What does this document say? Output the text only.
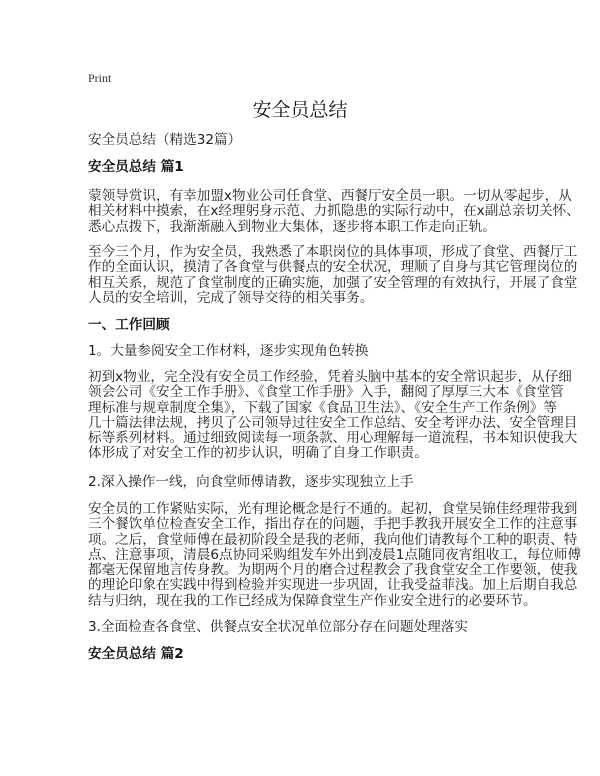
Print
安全员总结
安全员总结（精选32篇）
安全员总结 篇1
蒙领导赏识，有幸加盟x物业公司任食堂、西餐厅安全员一职。一切从零起步，从
相关材料中摸索，在x经理躬身示范、力抓隐患的实际行动中，在x副总亲切关怀、
悉心点拨下，我渐渐融入到物业大集体，逐步将本职工作走向正轨。
至今三个月，作为安全员，我熟悉了本职岗位的具体事项，形成了食堂、西餐厅工
作的全面认识，摸清了各食堂与供餐点的安全状况，理顺了自身与其它管理岗位的
相互关系，规范了食堂制度的正确实施，加强了安全管理的有效执行，开展了食堂
人员的安全培训，完成了领导交待的相关事务。
一、工作回顾
1。大量参阅安全工作材料，逐步实现角色转换
初到x物业，完全没有安全员工作经验，凭着头脑中基本的安全常识起步，从仔细
领会公司《安全工作手册》、《食堂工作手册》入手，翻阅了厚厚三大本《食堂管
理标准与规章制度全集》，下载了国家《食品卫生法》、《安全生产工作条例》等
几十篇法律法规，拷贝了公司领导过往安全工作总结、安全考评办法、安全管理目
标等系列材料。通过细致阅读每一项条款、用心理解每一道流程，书本知识使我大
体形成了对安全工作的初步认识，明确了自身工作职责。
2.深入操作一线，向食堂师傅请教，逐步实现独立上手
安全员的工作紧贴实际，光有理论概念是行不通的。起初，食堂吴锦佳经理带我到
三个餐饮单位检查安全工作，指出存在的问题，手把手教我开展安全工作的注意事
项。之后，食堂师傅在最初阶段全是我的老师，我向他们请教每个工种的职责、特
点、注意事项，清晨6点协同采购组发车外出到凌晨1点随同夜宵组收工，每位师傅
都毫无保留地言传身教。为期两个月的磨合过程教会了我食堂安全工作要领，使我
的理论印象在实践中得到检验并实现进一步巩固，让我受益菲浅。加上后期自我总
结与归纳，现在我的工作已经成为保障食堂生产作业安全进行的必要环节。
3.全面检查各食堂、供餐点安全状况单位部分存在问题处理落实
安全员总结 篇2
